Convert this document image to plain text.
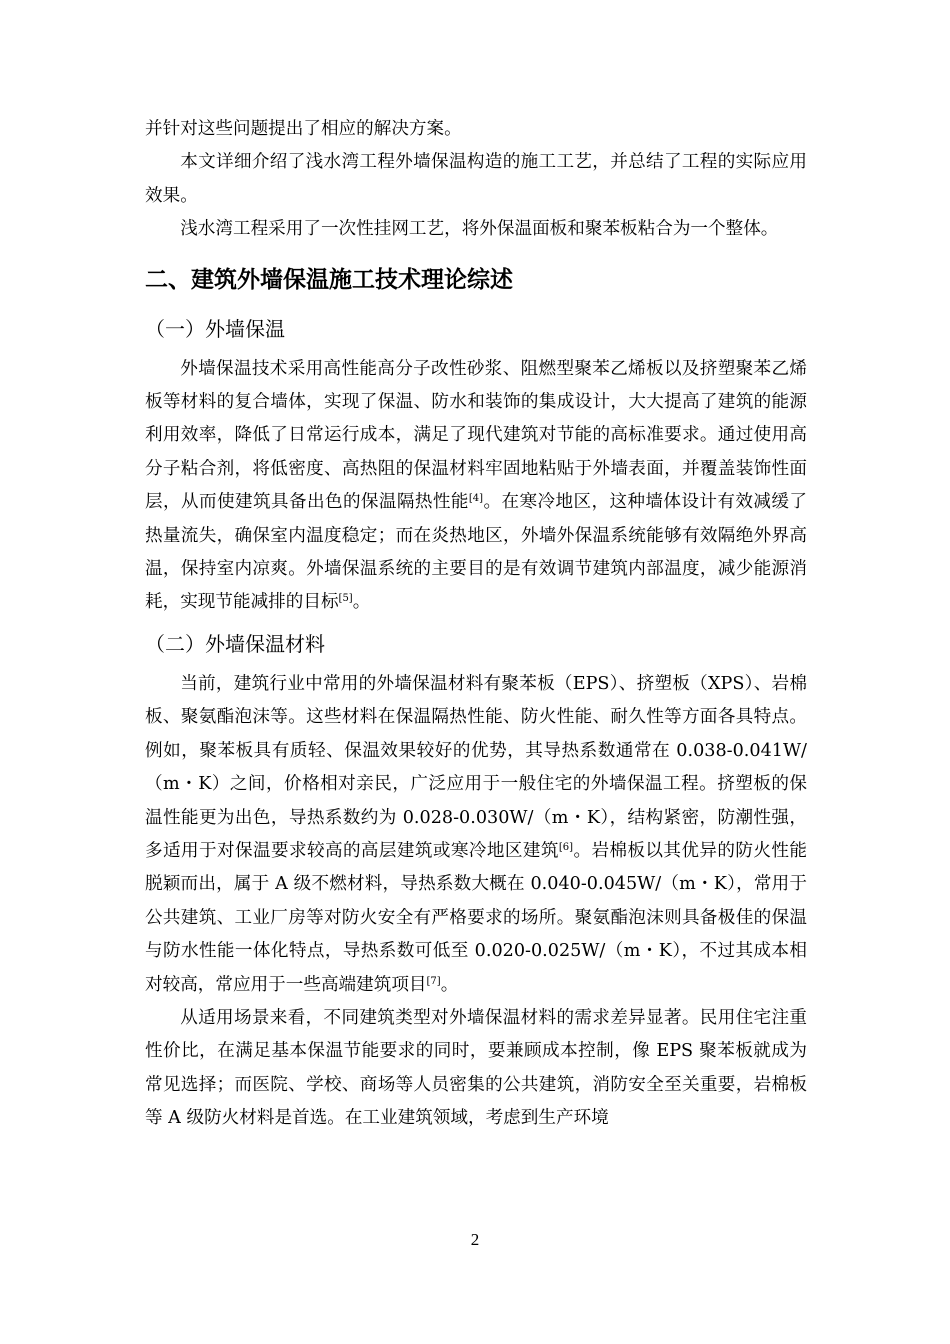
并针对这些问题提出了相应的解决方案。

本文详细介绍了浅水湾工程外墙保温构造的施工工艺，并总结了工程的实际应用效果。

浅水湾工程采用了一次性挂网工艺，将外保温面板和聚苯板粘合为一个整体。

二、建筑外墙保温施工技术理论综述
（一）外墙保温

外墙保温技术采用高性能高分子改性砂浆、阻燃型聚苯乙烯板以及挤塑聚苯乙烯板等材料的复合墙体，实现了保温、防水和装饰的集成设计，大大提高了建筑的能源利用效率，降低了日常运行成本，满足了现代建筑对节能的高标准要求。通过使用高分子粘合剂，将低密度、高热阻的保温材料牢固地粘贴于外墙表面，并覆盖装饰性面层，从而使建筑具备出色的保温隔热性能[4]。在寒冷地区，这种墙体设计有效减缓了热量流失，确保室内温度稳定；而在炎热地区，外墙外保温系统能够有效隔绝外界高温，保持室内凉爽。外墙保温系统的主要目的是有效调节建筑内部温度，减少能源消耗，实现节能减排的目标[5]。

（二）外墙保温材料

当前，建筑行业中常用的外墙保温材料有聚苯板（EPS）、挤塑板（XPS）、岩棉板、聚氨酯泡沫等。这些材料在保温隔热性能、防火性能、耐久性等方面各具特点。例如，聚苯板具有质轻、保温效果较好的优势，其导热系数通常在 0.038-0.041W/（m・K）之间，价格相对亲民，广泛应用于一般住宅的外墙保温工程。挤塑板的保温性能更为出色，导热系数约为 0.028-0.030W/（m・K），结构紧密，防潮性强，多适用于对保温要求较高的高层建筑或寒冷地区建筑[6]。岩棉板以其优异的防火性能脱颖而出，属于 A 级不燃材料，导热系数大概在 0.040-0.045W/（m・K），常用于公共建筑、工业厂房等对防火安全有严格要求的场所。聚氨酯泡沫则具备极佳的保温与防水性能一体化特点，导热系数可低至 0.020-0.025W/（m・K），不过其成本相对较高，常应用于一些高端建筑项目[7]。

从适用场景来看，不同建筑类型对外墙保温材料的需求差异显著。民用住宅注重性价比，在满足基本保温节能要求的同时，要兼顾成本控制，像 EPS 聚苯板就成为常见选择；而医院、学校、商场等人员密集的公共建筑，消防安全至关重要，岩棉板等 A 级防火材料是首选。在工业建筑领域，考虑到生产环境

2
